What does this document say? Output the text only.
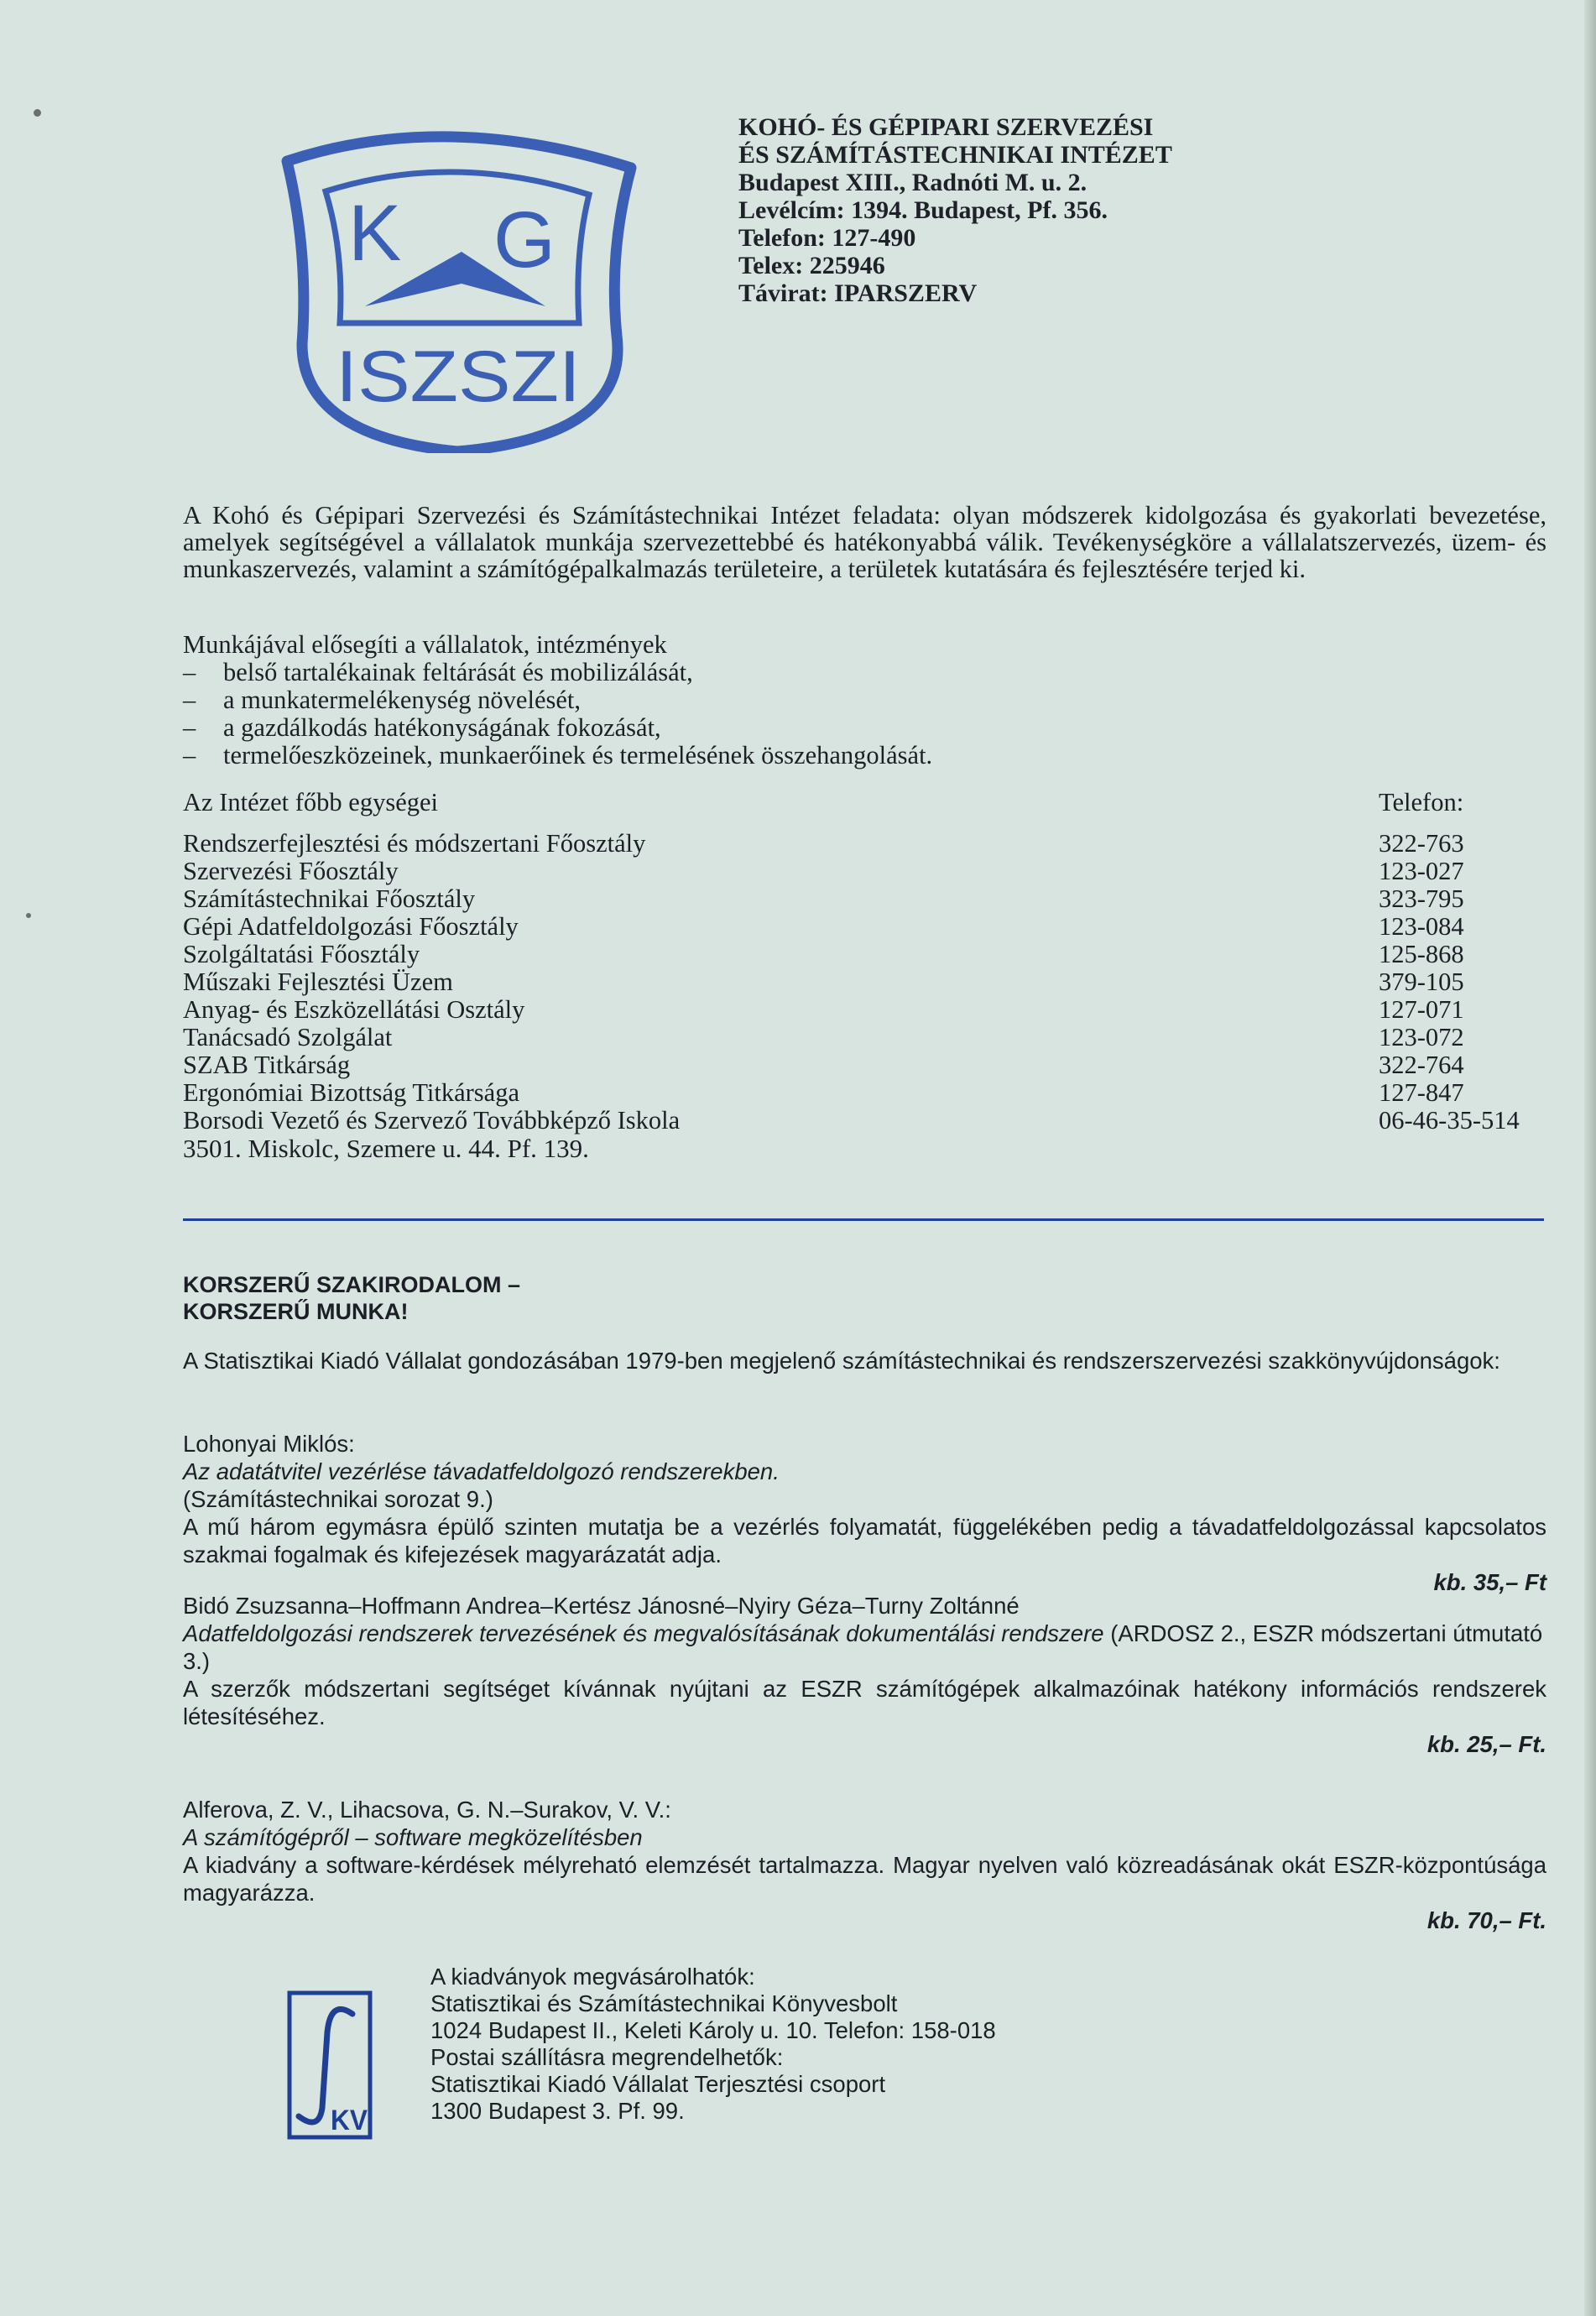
K G
ISZSZI
KOHÓ- ÉS GÉPIPARI SZERVEZÉSI
ÉS SZÁMÍTÁSTECHNIKAI INTÉZET
Budapest XIII., Radnóti M. u. 2.
Levélcím: 1394. Budapest, Pf. 356.
Telefon: 127-490
Telex: 225946
Távirat: IPARSZERV

A Kohó és Gépipari Szervezési és Számítástechnikai Intézet feladata: olyan módszerek kidolgozása és gyakorlati bevezetése, amelyek segítségével a vállalatok munkája szervezettebbé és hatékonyabbá válik. Tevékenységköre a vállalatszervezés, üzem- és munkaszervezés, valamint a számítógépalkalmazás területeire, a területek kutatására és fejlesztésére terjed ki.

Munkájával elősegíti a vállalatok, intézmények
– belső tartalékainak feltárását és mobilizálását,
– a munkatermelékenység növelését,
– a gazdálkodás hatékonyságának fokozását,
– termelőeszközeinek, munkaerőinek és termelésének összehangolását.
Az Intézet főbb egységei	Telefon:
Rendszerfejlesztési és módszertani Főosztály	322-763
Szervezési Főosztály	123-027
Számítástechnikai Főosztály	323-795
Gépi Adatfeldolgozási Főosztály	123-084
Szolgáltatási Főosztály	125-868
Műszaki Fejlesztési Üzem	379-105
Anyag- és Eszközellátási Osztály	127-071
Tanácsadó Szolgálat	123-072
SZAB Titkárság	322-764
Ergonómiai Bizottság Titkársága	127-847
Borsodi Vezető és Szervező Továbbképző Iskola	06-46-35-514
3501. Miskolc, Szemere u. 44. Pf. 139.
KORSZERŰ SZAKIRODALOM –
KORSZERŰ MUNKA!
A Statisztikai Kiadó Vállalat gondozásában 1979-ben megjelenő számítástechnikai és rendszerszervezési szakkönyvújdonságok:
Lohonyai Miklós:
Az adatátvitel vezérlése távadatfeldolgozó rendszerekben.
(Számítástechnikai sorozat 9.)
A mű három egymásra épülő szinten mutatja be a vezérlés folyamatát, függelékében pedig a távadatfeldolgozással kapcsolatos szakmai fogalmak és kifejezések magyarázatát adja.
kb. 35,– Ft
Bidó Zsuzsanna–Hoffmann Andrea–Kertész Jánosné–Nyiry Géza–Turny Zoltánné
Adatfeldolgozási rendszerek tervezésének és megvalósításának dokumentálási rendszere (ARDOSZ 2., ESZR módszertani útmutató 3.)
A szerzők módszertani segítséget kívánnak nyújtani az ESZR számítógépek alkalmazóinak hatékony információs rendszerek létesítéséhez.
kb. 25,– Ft.
Alferova, Z. V., Lihacsova, G. N.–Surakov, V. V.:
A számítógépről – software megközelítésben
A kiadvány a software-kérdések mélyreható elemzését tartalmazza. Magyar nyelven való közreadásának okát ESZR-központúsága magyarázza.
kb. 70,– Ft.
KV
A kiadványok megvásárolhatók:
Statisztikai és Számítástechnikai Könyvesbolt
1024 Budapest II., Keleti Károly u. 10. Telefon: 158-018
Postai szállításra megrendelhetők:
Statisztikai Kiadó Vállalat Terjesztési csoport
1300 Budapest 3. Pf. 99.
